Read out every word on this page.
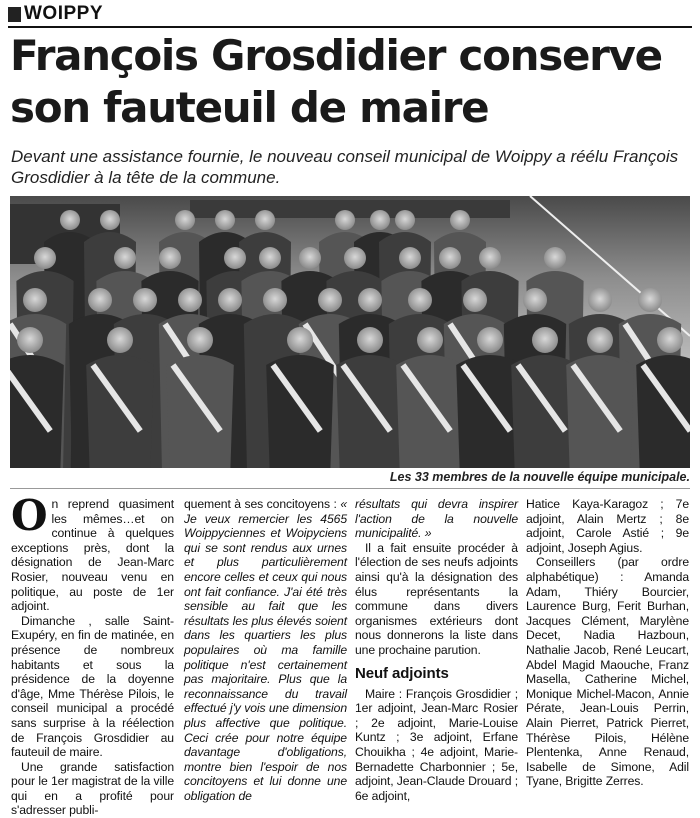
WOIPPY
François Grosdidier conserve son fauteuil de maire
Devant une assistance fournie, le nouveau conseil municipal de Woippy a réélu François Grosdidier à la tête de la commune.
Les 33 membres de la nouvelle équipe municipale.

On reprend quasiment les mêmes…et on continue à quelques exceptions près, dont la désignation de Jean-Marc Rosier, nouveau venu en politique, au poste de 1er adjoint.

Dimanche , salle Saint-Exupéry, en fin de matinée, en présence de nombreux habitants et sous la présidence de la doyenne d'âge, Mme Thérèse Pilois, le conseil municipal a procédé sans surprise à la réélection de François Grosdidier au fauteuil de maire.

Une grande satisfaction pour le 1er magistrat de la ville qui en a profité pour s'adresser publi-

quement à ses concitoyens : « Je veux remercier les 4565 Woippyciennes et Woipyciens qui se sont rendus aux urnes et plus particulièrement encore celles et ceux qui nous ont fait confiance. J'ai été très sensible au fait que les résultats les plus élevés soient dans les quartiers les plus populaires où ma famille politique n'est certainement pas majoritaire. Plus que la reconnaissance du travail effectué j'y vois une dimension plus affective que politique. Ceci crée pour notre équipe davantage d'obligations, montre bien l'espoir de nos concitoyens et lui donne une obligation de

résultats qui devra inspirer l'action de la nouvelle municipalité. »

Il a fait ensuite procéder à l'élection de ses neufs adjoints ainsi qu'à la désignation des élus représentants la commune dans divers organismes extérieurs dont nous donnerons la liste dans une prochaine parution.

Neuf adjoints

Maire : François Grosdidier ; 1er adjoint, Jean-Marc Rosier ; 2e adjoint, Marie-Louise Kuntz ; 3e adjoint, Erfane Chouikha ; 4e adjoint, Marie-Bernadette Charbonnier ; 5e, adjoint, Jean-Claude Drouard ; 6e adjoint,

Hatice Kaya-Karagoz ; 7e adjoint, Alain Mertz ; 8e adjoint, Carole Astié ; 9e adjoint, Joseph Agius.

Conseillers (par ordre alphabétique) : Amanda Adam, Thiéry Bourcier, Laurence Burg, Ferit Burhan, Jacques Clément, Marylène Decet, Nadia Hazboun, Nathalie Jacob, René Leucart, Abdel Magid Maouche, Franz Masella, Catherine Michel, Monique Michel-Macon, Annie Pérate, Jean-Louis Perrin, Alain Pierret, Patrick Pierret, Thérèse Pilois, Hélène Plentenka, Anne Renaud, Isabelle de Simone, Adil Tyane, Brigitte Zerres.
